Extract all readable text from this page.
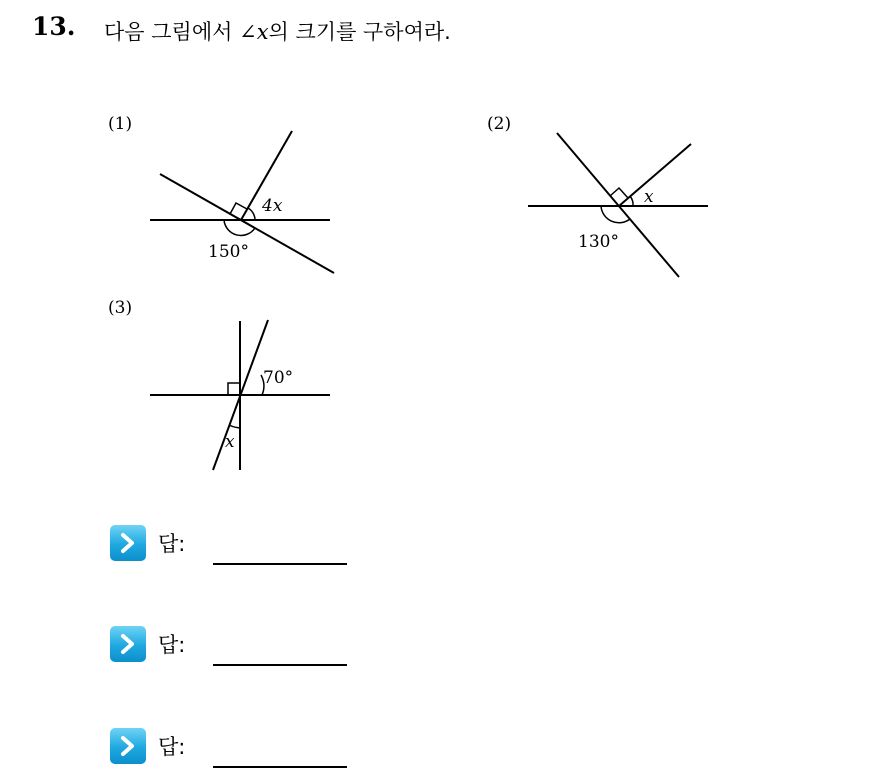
13. 다음 그림에서 ∠x의 크기를 구하여라.
(1)
4x
150°
(2)
x
130°
(3)
70°
x
답:
답:
답:
